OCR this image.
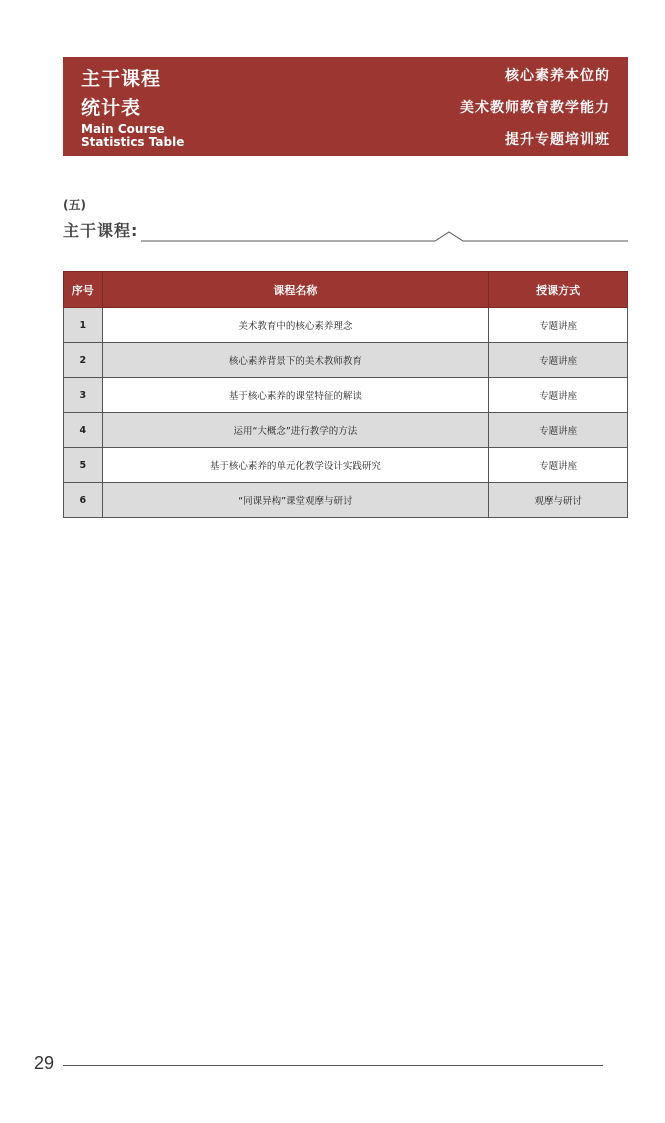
主干课程
统计表
Main Course
Statistics Table
核心素养本位的
美术教师教育教学能力
提升专题培训班
(五)
主干课程:
序号	课程名称	授课方式
1	美术教育中的核心素养理念	专题讲座
2	核心素养背景下的美术教师教育	专题讲座
3	基于核心素养的课堂特征的解读	专题讲座
4	运用“大概念”进行教学的方法	专题讲座
5	基于核心素养的单元化教学设计实践研究	专题讲座
6	“同课异构”课堂观摩与研讨	观摩与研讨
29
